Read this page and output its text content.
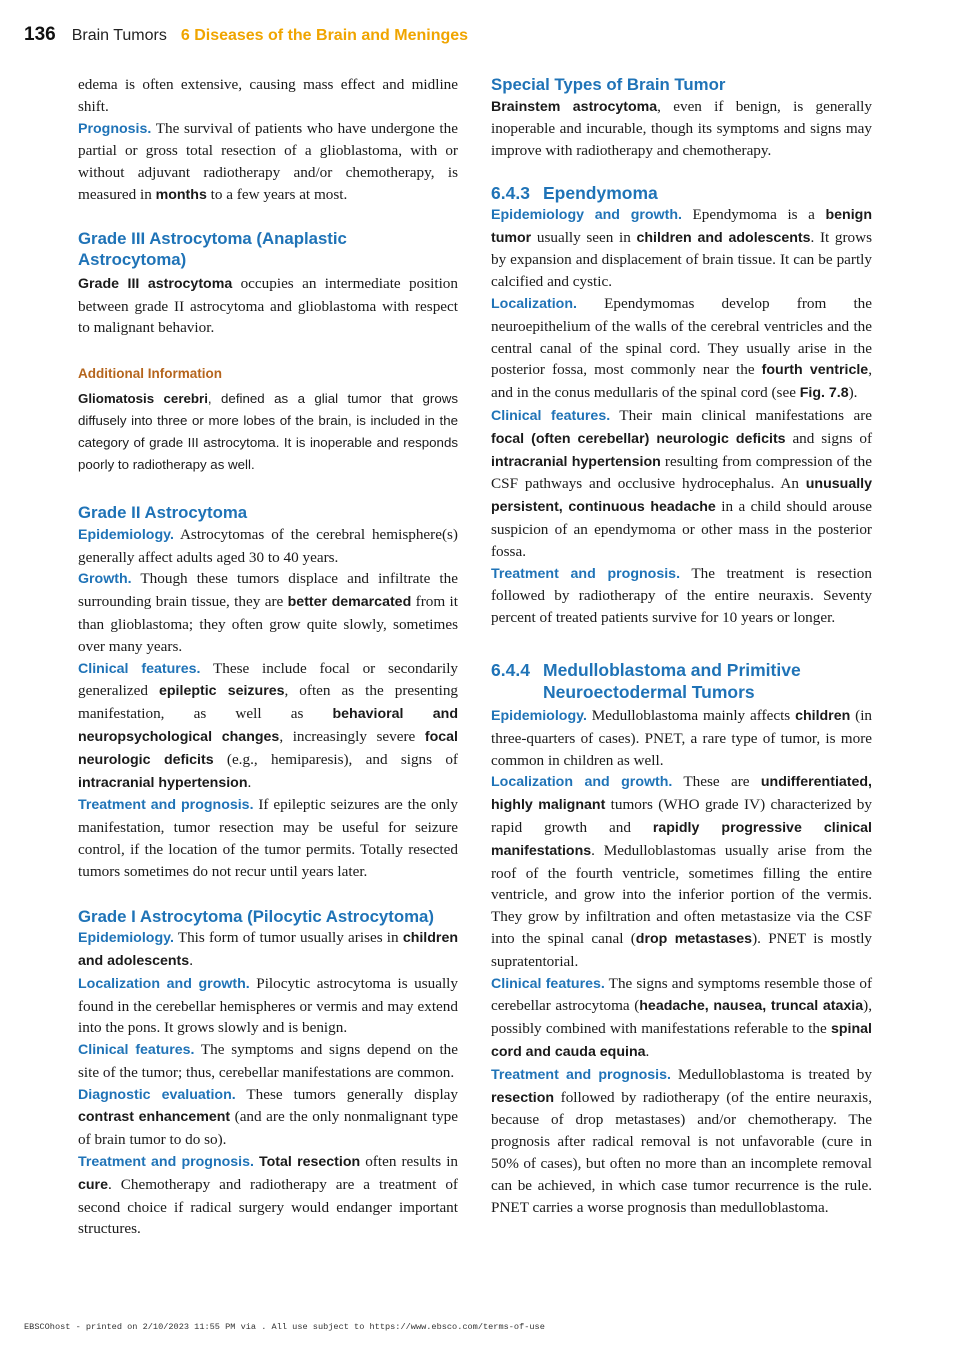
136 Brain Tumors 6 Diseases of the Brain and Meninges

edema is often extensive, causing mass effect and midline shift.

Prognosis. The survival of patients who have undergone the partial or gross total resection of a glioblastoma, with or without adjuvant radiotherapy and/or chemotherapy, is measured in months to a few years at most.

Grade III Astrocytoma (Anaplastic Astrocytoma)

Grade III astrocytoma occupies an intermediate position between grade II astrocytoma and glioblastoma with respect to malignant behavior.

Additional Information

Gliomatosis cerebri, defined as a glial tumor that grows diffusely into three or more lobes of the brain, is included in the category of grade III astrocytoma. It is inoperable and responds poorly to radiotherapy as well.

Grade II Astrocytoma

Epidemiology. Astrocytomas of the cerebral hemisphere(s) generally affect adults aged 30 to 40 years.

Growth. Though these tumors displace and infiltrate the surrounding brain tissue, they are better demarcated from it than glioblastoma; they often grow quite slowly, sometimes over many years.

Clinical features. These include focal or secondarily generalized epileptic seizures, often as the presenting manifestation, as well as behavioral and neuropsychological changes, increasingly severe focal neurologic deficits (e.g., hemiparesis), and signs of intracranial hypertension.

Treatment and prognosis. If epileptic seizures are the only manifestation, tumor resection may be useful for seizure control, if the location of the tumor permits. Totally resected tumors sometimes do not recur until years later.

Grade I Astrocytoma (Pilocytic Astrocytoma)

Epidemiology. This form of tumor usually arises in children and adolescents.

Localization and growth. Pilocytic astrocytoma is usually found in the cerebellar hemispheres or vermis and may extend into the pons. It grows slowly and is benign.

Clinical features. The symptoms and signs depend on the site of the tumor; thus, cerebellar manifestations are common.

Diagnostic evaluation. These tumors generally display contrast enhancement (and are the only nonmalignant type of brain tumor to do so).

Treatment and prognosis. Total resection often results in cure. Chemotherapy and radiotherapy are a treatment of second choice if radical surgery would endanger important structures.

Special Types of Brain Tumor

Brainstem astrocytoma, even if benign, is generally inoperable and incurable, though its symptoms and signs may improve with radiotherapy and chemotherapy.

6.4.3 Ependymoma

Epidemiology and growth. Ependymoma is a benign tumor usually seen in children and adolescents. It grows by expansion and displacement of brain tissue. It can be partly calcified and cystic.

Localization. Ependymomas develop from the neuroepithelium of the walls of the cerebral ventricles and the central canal of the spinal cord. They usually arise in the posterior fossa, most commonly near the fourth ventricle, and in the conus medullaris of the spinal cord (see Fig. 7.8).

Clinical features. Their main clinical manifestations are focal (often cerebellar) neurologic deficits and signs of intracranial hypertension resulting from compression of the CSF pathways and occlusive hydrocephalus. An unusually persistent, continuous headache in a child should arouse suspicion of an ependymoma or other mass in the posterior fossa.

Treatment and prognosis. The treatment is resection followed by radiotherapy of the entire neuraxis. Seventy percent of treated patients survive for 10 years or longer.

6.4.4 Medulloblastoma and Primitive Neuroectodermal Tumors

Epidemiology. Medulloblastoma mainly affects children (in three-quarters of cases). PNET, a rare type of tumor, is more common in children as well.

Localization and growth. These are undifferentiated, highly malignant tumors (WHO grade IV) characterized by rapid growth and rapidly progressive clinical manifestations. Medulloblastomas usually arise from the roof of the fourth ventricle, sometimes filling the entire ventricle, and grow into the inferior portion of the vermis. They grow by infiltration and often metastasize via the CSF into the spinal canal (drop metastases). PNET is mostly supratentorial.

Clinical features. The signs and symptoms resemble those of cerebellar astrocytoma (headache, nausea, truncal ataxia), possibly combined with manifestations referable to the spinal cord and cauda equina.

Treatment and prognosis. Medulloblastoma is treated by resection followed by radiotherapy (of the entire neuraxis, because of drop metastases) and/or chemotherapy. The prognosis after radical removal is not unfavorable (cure in 50% of cases), but often no more than an incomplete removal can be achieved, in which case tumor recurrence is the rule. PNET carries a worse prognosis than medulloblastoma.

EBSCOhost - printed on 2/10/2023 11:55 PM via . All use subject to https://www.ebsco.com/terms-of-use
